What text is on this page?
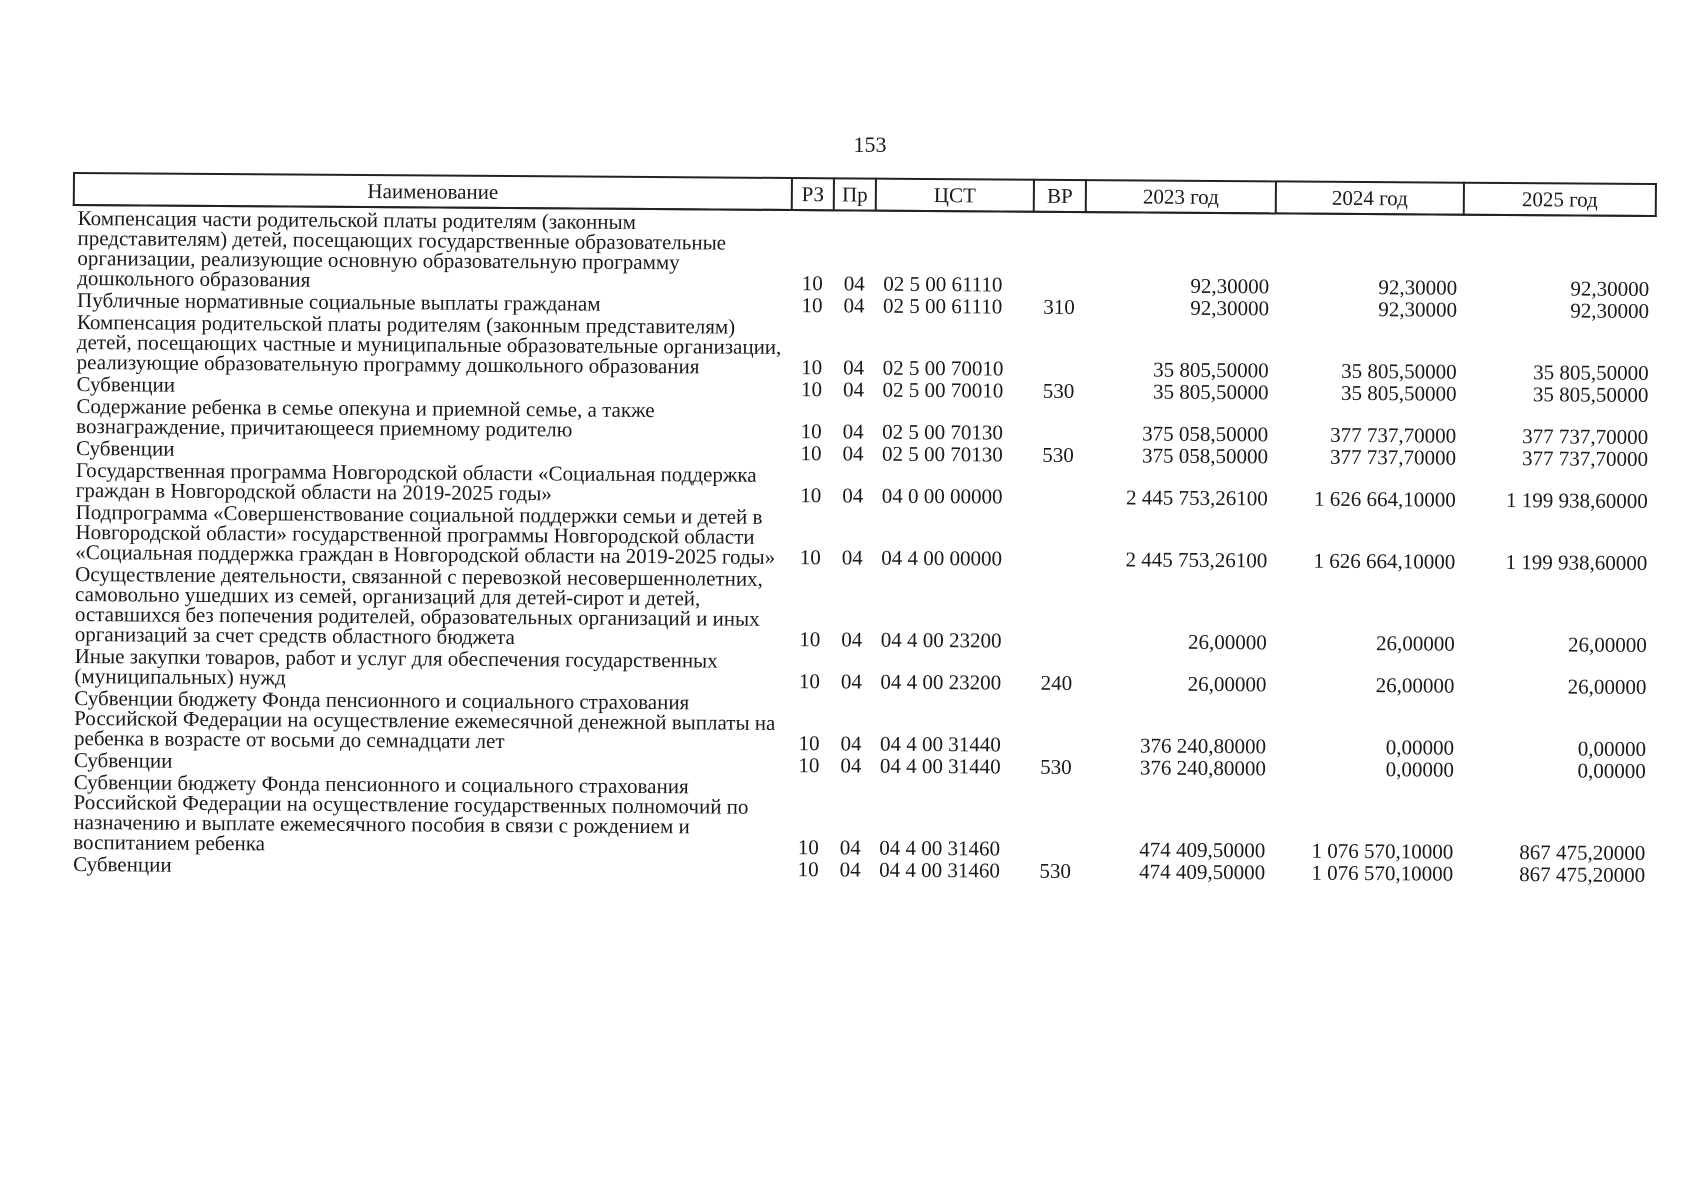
153
Наименование	РЗ	Пр	ЦСТ	ВР	2023 год	2024 год	2025 год
Компенсация части родительской платы родителям (законным представителям) детей, посещающих государственные образовательные организации, реализующие основную образовательную программу дошкольного образования	10	04	02 5 00 61110		92,30000	92,30000	92,30000
Публичные нормативные социальные выплаты гражданам	10	04	02 5 00 61110	310	92,30000	92,30000	92,30000
Компенсация родительской платы родителям (законным представителям) детей, посещающих частные и муниципальные образовательные организации, реализующие образовательную программу дошкольного образования	10	04	02 5 00 70010		35 805,50000	35 805,50000	35 805,50000
Субвенции	10	04	02 5 00 70010	530	35 805,50000	35 805,50000	35 805,50000
Содержание ребенка в семье опекуна и приемной семье, а также вознаграждение, причитающееся приемному родителю	10	04	02 5 00 70130		375 058,50000	377 737,70000	377 737,70000
Субвенции	10	04	02 5 00 70130	530	375 058,50000	377 737,70000	377 737,70000
Государственная программа Новгородской области «Социальная поддержка граждан в Новгородской области на 2019-2025 годы»	10	04	04 0 00 00000		2 445 753,26100	1 626 664,10000	1 199 938,60000
Подпрограмма «Совершенствование социальной поддержки семьи и детей в Новгородской области» государственной программы Новгородской области «Социальная поддержка граждан в Новгородской области на 2019-2025 годы»	10	04	04 4 00 00000		2 445 753,26100	1 626 664,10000	1 199 938,60000
Осуществление деятельности, связанной с перевозкой несовершеннолетних, самовольно ушедших из семей, организаций для детей-сирот и детей, оставшихся без попечения родителей, образовательных организаций и иных организаций за счет средств областного бюджета	10	04	04 4 00 23200		26,00000	26,00000	26,00000
Иные закупки товаров, работ и услуг для обеспечения государственных (муниципальных) нужд	10	04	04 4 00 23200	240	26,00000	26,00000	26,00000
Субвенции бюджету Фонда пенсионного и социального страхования Российской Федерации на осуществление ежемесячной денежной выплаты на ребенка в возрасте от восьми до семнадцати лет	10	04	04 4 00 31440		376 240,80000	0,00000	0,00000
Субвенции	10	04	04 4 00 31440	530	376 240,80000	0,00000	0,00000
Субвенции бюджету Фонда пенсионного и социального страхования Российской Федерации на осуществление государственных полномочий по назначению и выплате ежемесячного пособия в связи с рождением и воспитанием ребенка	10	04	04 4 00 31460		474 409,50000	1 076 570,10000	867 475,20000
Субвенции	10	04	04 4 00 31460	530	474 409,50000	1 076 570,10000	867 475,20000
